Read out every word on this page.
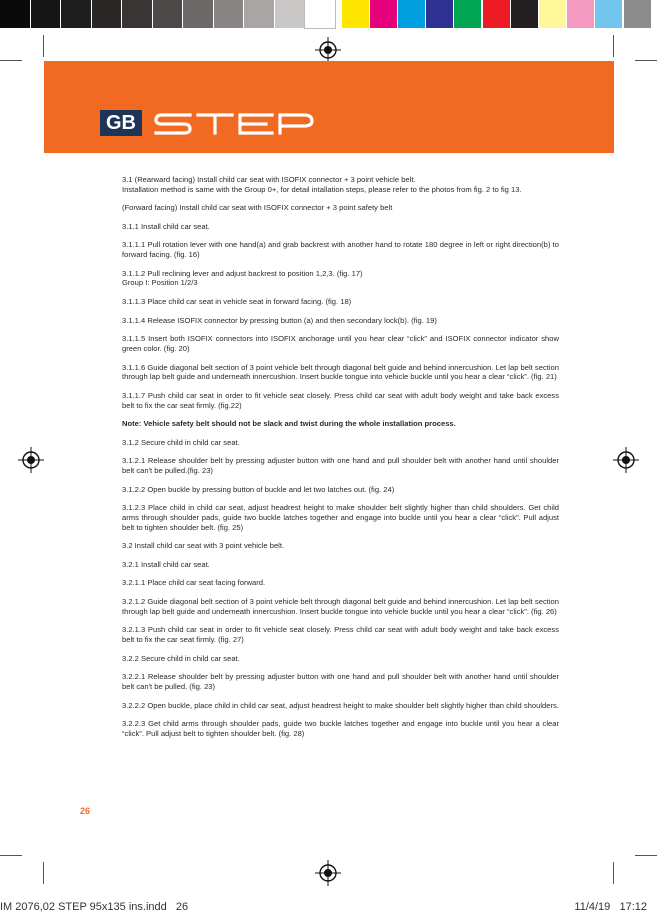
GB

3.1 (Rearward facing) Install child car seat with ISOFIX connector + 3 point vehicle belt.
Installation method is same with the Group 0+, for detail intallation steps, please refer to the photos from fig. 2 to fig 13.

(Forward facing) Install child car seat with ISOFIX connector + 3 point safety belt

3.1.1 Install child car seat.

3.1.1.1 Pull rotation lever with one hand(a) and grab backrest with another hand to rotate 180 degree in left or right direction(b) to forward facing. (fig. 16)

3.1.1.2 Pull reclining lever and adjust backrest to position 1,2,3. (fig. 17)
Group I: Position 1/2/3

3.1.1.3 Place child car seat in vehicle seat in forward facing. (fig. 18)

3.1.1.4 Release ISOFIX connector by pressing button (a) and then secondary lock(b). (fig. 19)

3.1.1.5 Insert both ISOFIX connectors into ISOFIX anchorage until you hear clear “click” and ISOFIX connector indicator show green color. (fig. 20)

3.1.1.6 Guide diagonal belt section of 3 point vehicle belt through diagonal belt guide and behind innercushion. Let lap belt section through lap belt guide and underneath innercushion. Insert buckle tongue into vehicle buckle until you hear a clear “click”. (fig. 21)

3.1.1.7 Push child car seat in order to fit vehicle seat closely. Press child car seat with adult body weight and take back excess belt to fix the car seat firmly. (fig.22)

Note: Vehicle safety belt should not be slack and twist during the whole installation process.

3.1.2 Secure child in child car seat.

3.1.2.1 Release shoulder belt by pressing adjuster button with one hand and pull shoulder belt with another hand until shoulder belt can't be pulled.(fig. 23)

3.1.2.2 Open buckle by pressing button of buckle and let two latches out. (fig. 24)

3.1.2.3 Place child in child car seat, adjust headrest height to make shoulder belt slightly higher than child shoulders. Get child arms through shoulder pads, guide two buckle latches together and engage into buckle until you hear a clear “click”. Pull adjust belt to tighten shoulder belt. (fig. 25)

3.2 Install child car seat with 3 point vehicle belt.

3.2.1 Install child car seat.

3.2.1.1 Place child car seat facing forward.

3.2.1.2 Guide diagonal belt section of 3 point vehicle belt through diagonal belt guide and behind innercushion. Let lap belt section through lap belt guide and underneath innercushion. Insert buckle tongue into vehicle buckle until you hear a clear “click”. (fig. 26)

3.2.1.3 Push child car seat in order to fit vehicle seat closely. Press child car seat with adult body weight and take back excess belt to fix the car seat firmly. (fig. 27)

3.2.2 Secure child in child car seat.

3.2.2.1 Release shoulder belt by pressing adjuster button with one hand and pull shoulder belt with another hand until shoulder belt can't be pulled. (fig. 23)

3.2.2.2 Open buckle, place child in child car seat, adjust headrest height to make shoulder belt slightly higher than child shoulders.

3.2.2.3 Get child arms through shoulder pads, guide two buckle latches together and engage into buckle until you hear a clear “click”. Pull adjust belt to tighten shoulder belt. (fig. 28)

26
IM 2076,02 STEP 95x135 ins.indd   26	11/4/19   17:12
